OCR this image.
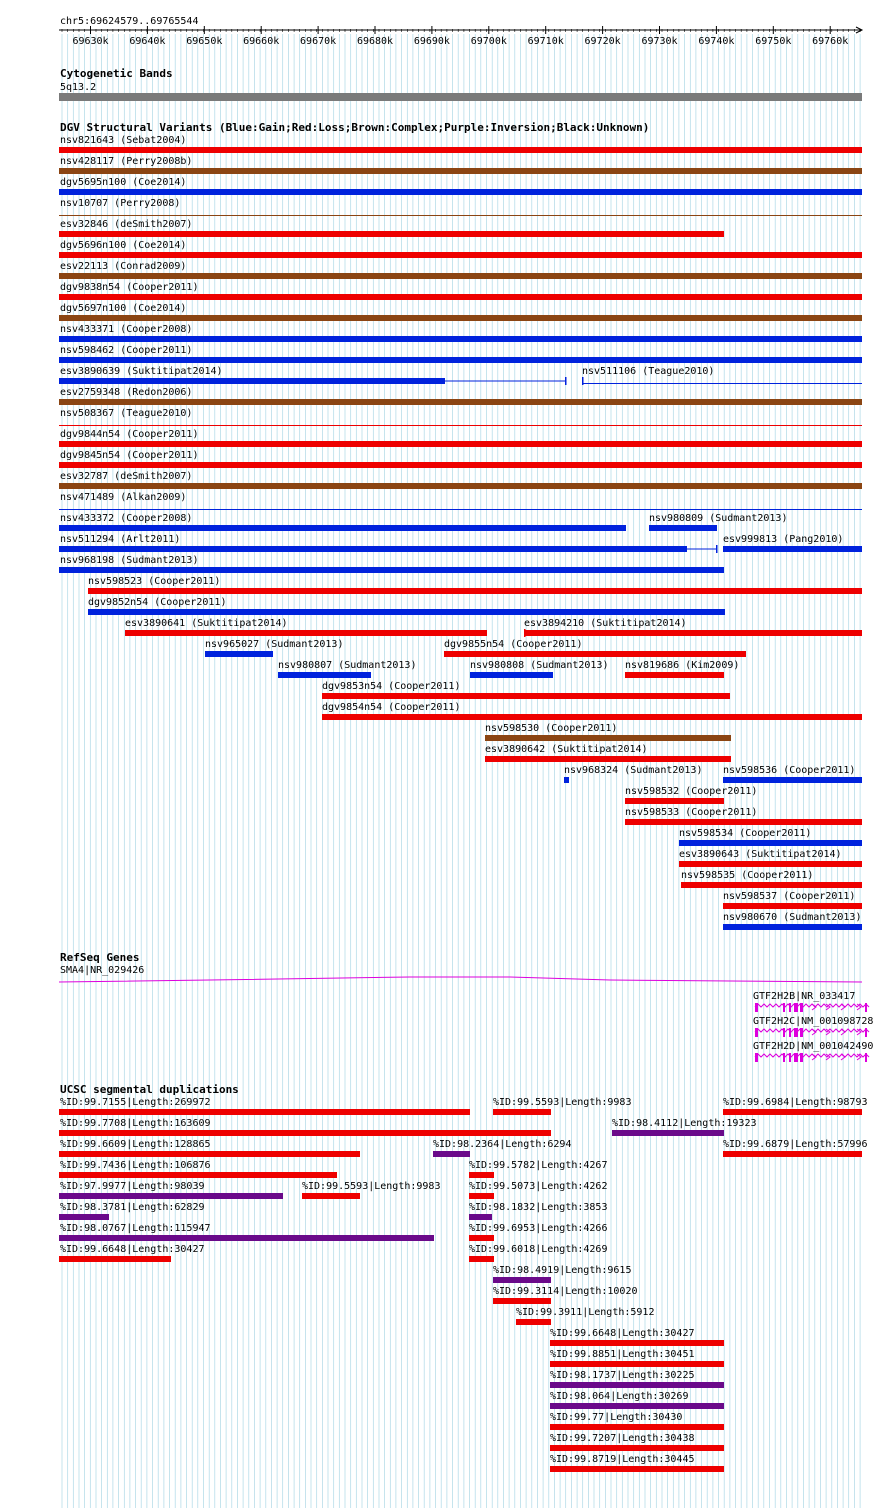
chr5:69624579..69765544
69630k 69640k 69650k 69660k 69670k 69680k 69690k 69700k 69710k 69720k 69730k 69740k 69750k 69760k
Cytogenetic Bands
5q13.2
DGV Structural Variants (Blue:Gain;Red:Loss;Brown:Complex;Purple:Inversion;Black:Unknown)
nsv821643 (Sebat2004)
nsv428117 (Perry2008b)
dgv5695n100 (Coe2014)
nsv10707 (Perry2008)
esv32846 (deSmith2007)
dgv5696n100 (Coe2014)
esv22113 (Conrad2009)
dgv9838n54 (Cooper2011)
dgv5697n100 (Coe2014)
nsv433371 (Cooper2008)
nsv598462 (Cooper2011)
esv3890639 (Suktitipat2014)	nsv511106 (Teague2010)
esv2759348 (Redon2006)
nsv508367 (Teague2010)
dgv9844n54 (Cooper2011)
dgv9845n54 (Cooper2011)
esv32787 (deSmith2007)
nsv471489 (Alkan2009)
nsv433372 (Cooper2008)	nsv980809 (Sudmant2013)
nsv511294 (Arlt2011)	esv999813 (Pang2010)
nsv968198 (Sudmant2013)
nsv598523 (Cooper2011)
dgv9852n54 (Cooper2011)
esv3890641 (Suktitipat2014)	esv3894210 (Suktitipat2014)
nsv965027 (Sudmant2013)	dgv9855n54 (Cooper2011)
nsv980807 (Sudmant2013)	nsv980808 (Sudmant2013) nsv819686 (Kim2009)
dgv9853n54 (Cooper2011)
dgv9854n54 (Cooper2011)
nsv598530 (Cooper2011)
esv3890642 (Suktitipat2014)
nsv968324 (Sudmant2013) nsv598536 (Cooper2011)
nsv598532 (Cooper2011)
nsv598533 (Cooper2011)
nsv598534 (Cooper2011)
esv3890643 (Suktitipat2014)
nsv598535 (Cooper2011)
nsv598537 (Cooper2011)
nsv980670 (Sudmant2013)
RefSeq Genes
SMA4|NR_029426
GTF2H2B|NR_033417
GTF2H2C|NM_001098728
GTF2H2D|NM_001042490
UCSC segmental duplications
%ID:99.7155|Length:269972	%ID:99.5593|Length:9983	%ID:99.6984|Length:98793
%ID:99.7708|Length:163609	%ID:98.4112|Length:19323
%ID:99.6609|Length:128865	%ID:98.2364|Length:6294	%ID:99.6879|Length:57996
%ID:99.7436|Length:106876	%ID:99.5782|Length:4267
%ID:97.9977|Length:98039	%ID:99.5593|Length:9983	%ID:99.5073|Length:4262
%ID:98.3781|Length:62829	%ID:98.1832|Length:3853
%ID:98.0767|Length:115947	%ID:99.6953|Length:4266
%ID:99.6648|Length:30427	%ID:99.6018|Length:4269
%ID:98.4919|Length:9615
%ID:99.3114|Length:10020
%ID:99.3911|Length:5912
%ID:99.6648|Length:30427
%ID:99.8851|Length:30451
%ID:98.1737|Length:30225
%ID:98.064|Length:30269
%ID:99.77|Length:30430
%ID:99.7207|Length:30438
%ID:99.8719|Length:30445
